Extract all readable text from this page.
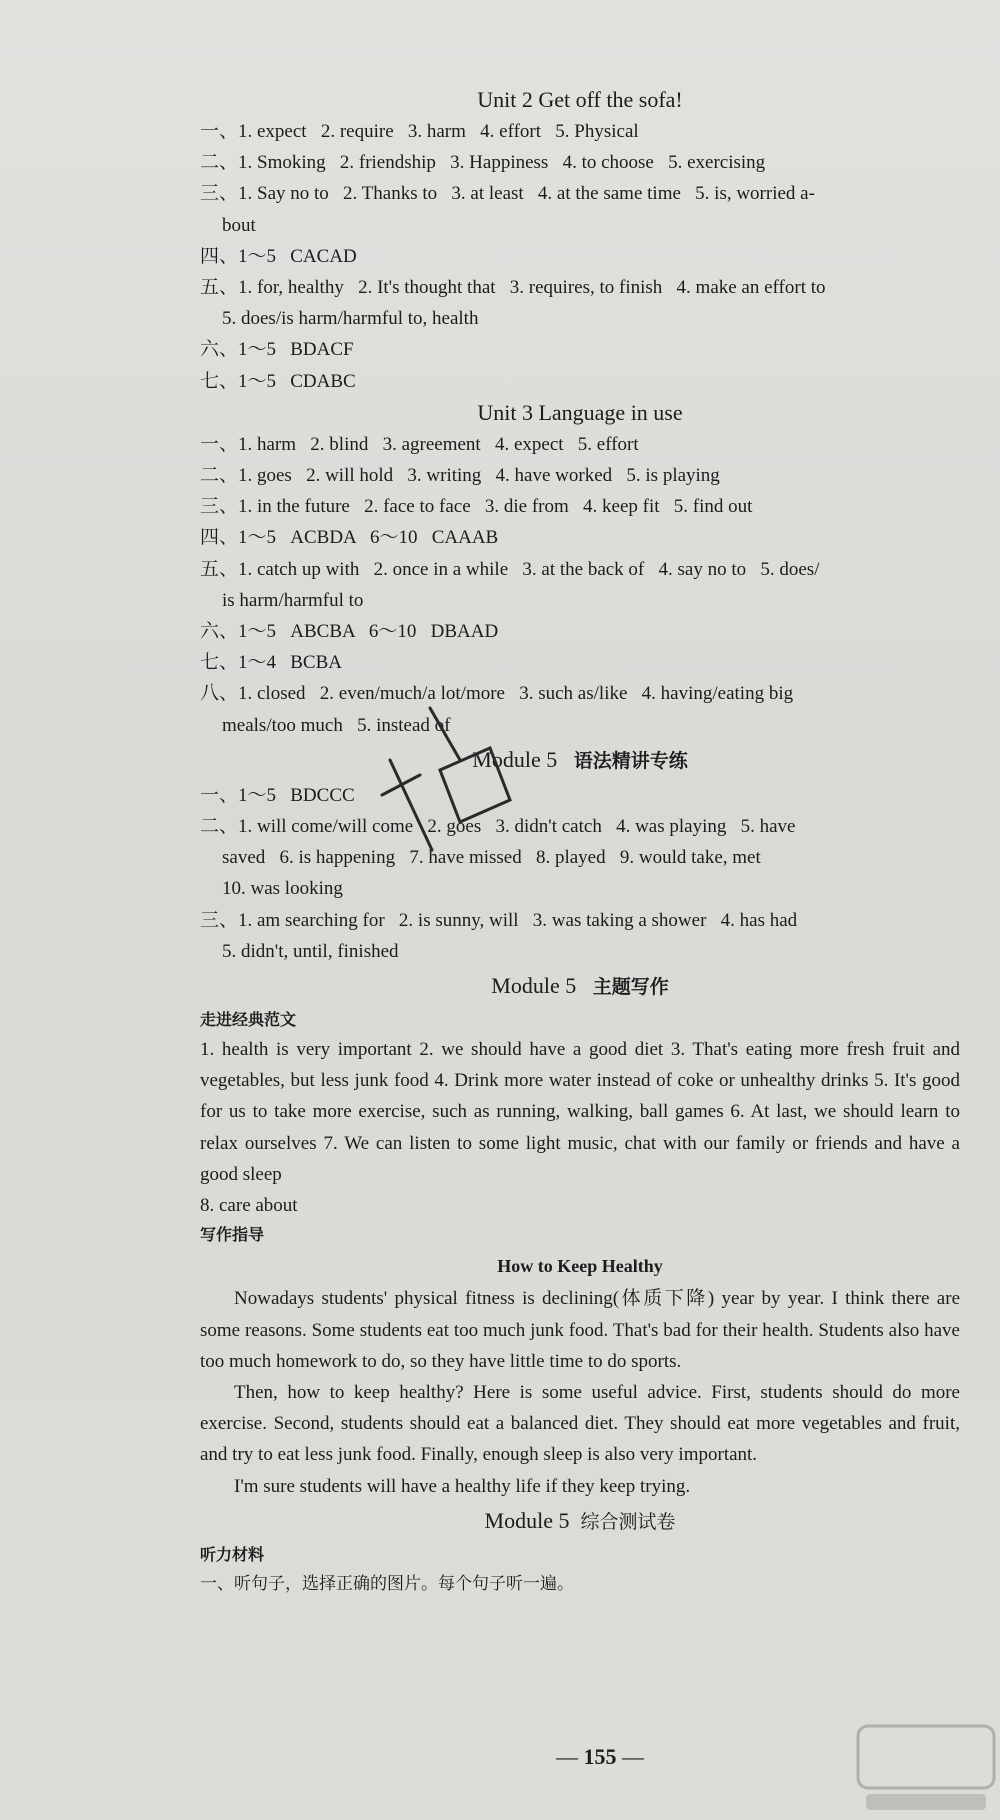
Unit 2 Get off the sofa!
一、1. expect   2. require   3. harm   4. effort   5. Physical
二、1. Smoking   2. friendship   3. Happiness   4. to choose   5. exercising
三、1. Say no to   2. Thanks to   3. at least   4. at the same time   5. is, worried a-
bout
四、1～5   CACAD
五、1. for, healthy   2. It's thought that   3. requires, to finish   4. make an effort to
5. does/is harm/harmful to, health
六、1～5   BDACF
七、1～5   CDABC
Unit 3 Language in use
一、1. harm   2. blind   3. agreement   4. expect   5. effort
二、1. goes   2. will hold   3. writing   4. have worked   5. is playing
三、1. in the future   2. face to face   3. die from   4. keep fit   5. find out
四、1～5   ACBDA   6～10   CAAAB
五、1. catch up with   2. once in a while   3. at the back of   4. say no to   5. does/
is harm/harmful to
六、1～5   ABCBA   6～10   DBAAD
七、1～4   BCBA
八、1. closed   2. even/much/a lot/more   3. such as/like   4. having/eating big
meals/too much   5. instead of
Module 5 语法精讲专练
一、1～5   BDCCC
二、1. will come/will come   2. goes   3. didn't catch   4. was playing   5. have
saved   6. is happening   7. have missed   8. played   9. would take, met
10. was looking
三、1. am searching for   2. is sunny, will   3. was taking a shower   4. has had
5. didn't, until, finished
Module 5 主题写作
走进经典范文
1. health is very important 2. we should have a good diet 3. That's eating more fresh fruit and vegetables, but less junk food 4. Drink more water instead of coke or unhealthy drinks 5. It's good for us to take more exercise, such as running, walking, ball games 6. At last, we should learn to relax ourselves 7. We can listen to some light music, chat with our family or friends and have a good sleep
8. care about
写作指导
How to Keep Healthy
Nowadays students' physical fitness is declining(体质下降) year by year. I think there are some reasons. Some students eat too much junk food. That's bad for their health. Students also have too much homework to do, so they have little time to do sports.
Then, how to keep healthy? Here is some useful advice. First, students should do more exercise. Second, students should eat a balanced diet. They should eat more vegetables and fruit, and try to eat less junk food. Finally, enough sleep is also very important.
I'm sure students will have a healthy life if they keep trying.
Module 5 综合测试卷
听力材料
一、听句子，选择正确的图片。每个句子听一遍。
— 155 —
